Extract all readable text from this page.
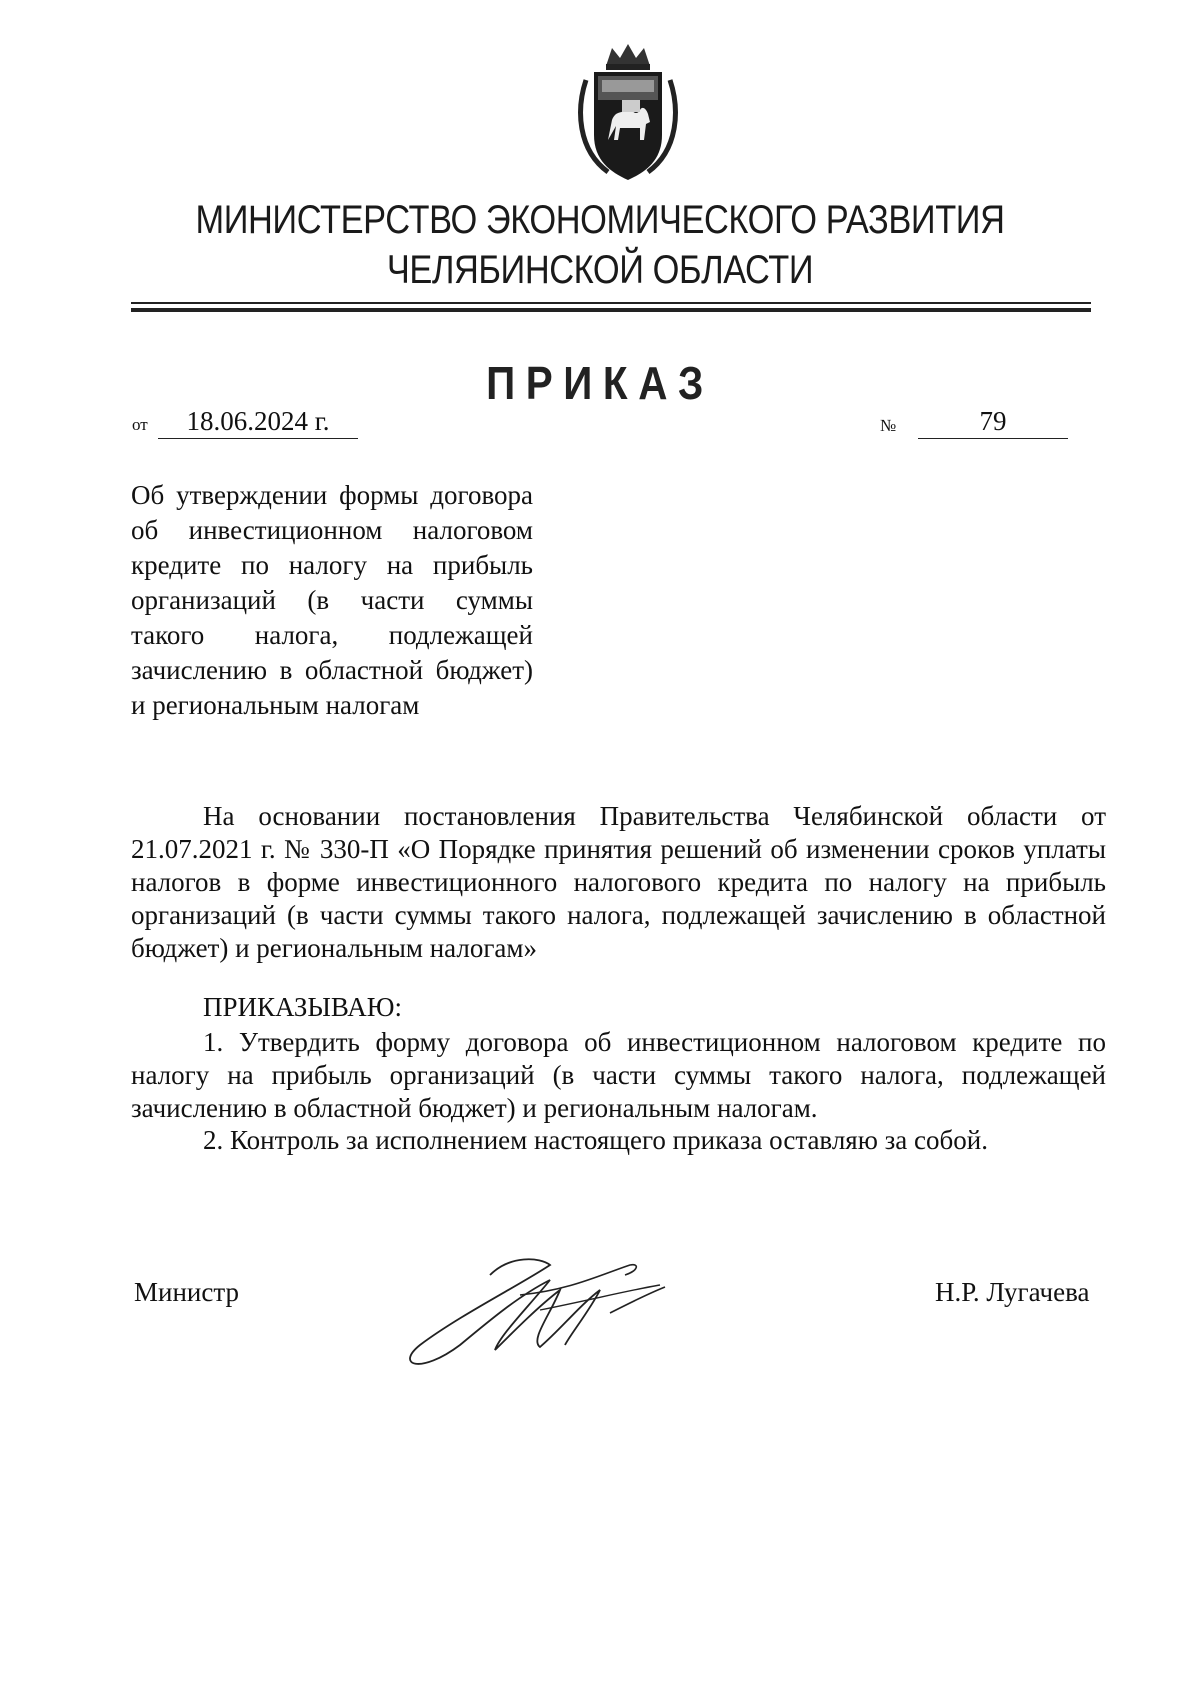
МИНИСТЕРСТВО ЭКОНОМИЧЕСКОГО РАЗВИТИЯ
ЧЕЛЯБИНСКОЙ ОБЛАСТИ
ПРИКАЗ
от	18.06.2024 г.	№	79
Об утверждении формы договора об инвестиционном налоговом кредите по налогу на прибыль организаций (в части суммы такого налога, подлежащей зачислению в областной бюджет) и региональным налогам
На основании постановления Правительства Челябинской области от 21.07.2021 г. № 330-П «О Порядке принятия решений об изменении сроков уплаты налогов в форме инвестиционного налогового кредита по налогу на прибыль организаций (в части суммы такого налога, подлежащей зачислению в областной бюджет) и региональным налогам»
ПРИКАЗЫВАЮ:
1. Утвердить форму договора об инвестиционном налоговом кредите по налогу на прибыль организаций (в части суммы такого налога, подлежащей зачислению в областной бюджет) и региональным налогам.
2. Контроль за исполнением настоящего приказа оставляю за собой.
Министр	Н.Р. Лугачева
